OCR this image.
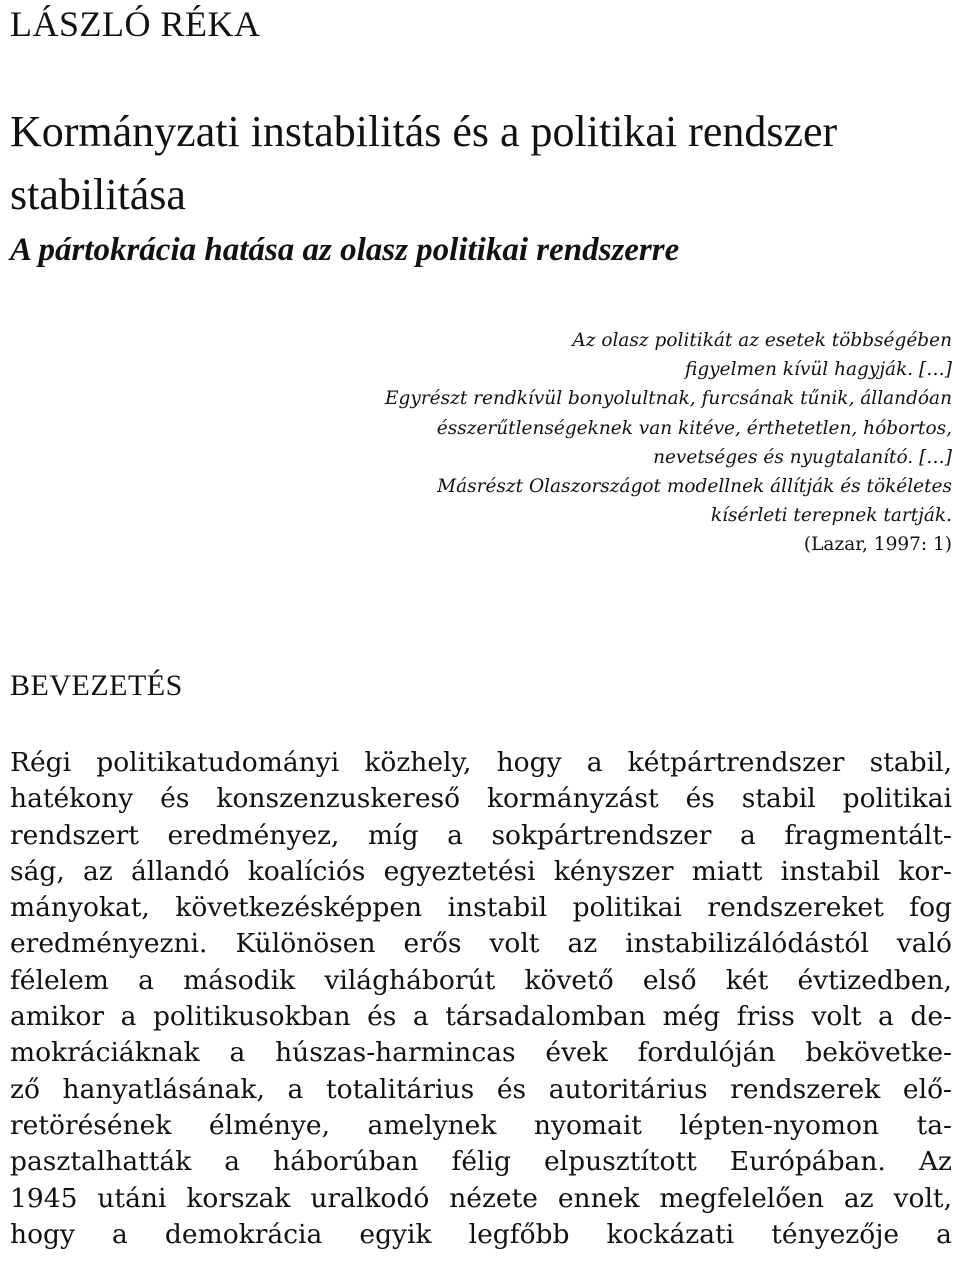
LÁSZLÓ RÉKA

Kormányzati instabilitás és a politikai rendszer stabilitása
A pártokrácia hatása az olasz politikai rendszerre
Az olasz politikát az esetek többségében
figyelmen kívül hagyják. […]
Egyrészt rendkívül bonyolultnak, furcsának tűnik, állandóan
ésszerűtlenségeknek van kitéve, érthetetlen, hóbortos,
nevetséges és nyugtalanító. […]
Másrészt Olaszországot modellnek állítják és tökéletes
kísérleti terepnek tartják.
(Lazar, 1997: 1)
BEVEZETÉS
Régi politikatudományi közhely, hogy a kétpártrendszer stabil,
hatékony és konszenzuskereső kormányzást és stabil politikai
rendszert eredményez, míg a sokpártrendszer a fragmentált-
ság, az állandó koalíciós egyeztetési kényszer miatt instabil kor-
mányokat, következésképpen instabil politikai rendszereket fog
eredményezni. Különösen erős volt az instabilizálódástól való
félelem a második világháborút követő első két évtizedben,
amikor a politikusokban és a társadalomban még friss volt a de-
mokráciáknak a húszas-harmincas évek fordulóján bekövetke-
ző hanyatlásának, a totalitárius és autoritárius rendszerek elő-
retörésének élménye, amelynek nyomait lépten-nyomon ta-
pasztalhatták a háborúban félig elpusztított Európában. Az
1945 utáni korszak uralkodó nézete ennek megfelelően az volt,
hogy a demokrácia egyik legfőbb kockázati tényezője a
